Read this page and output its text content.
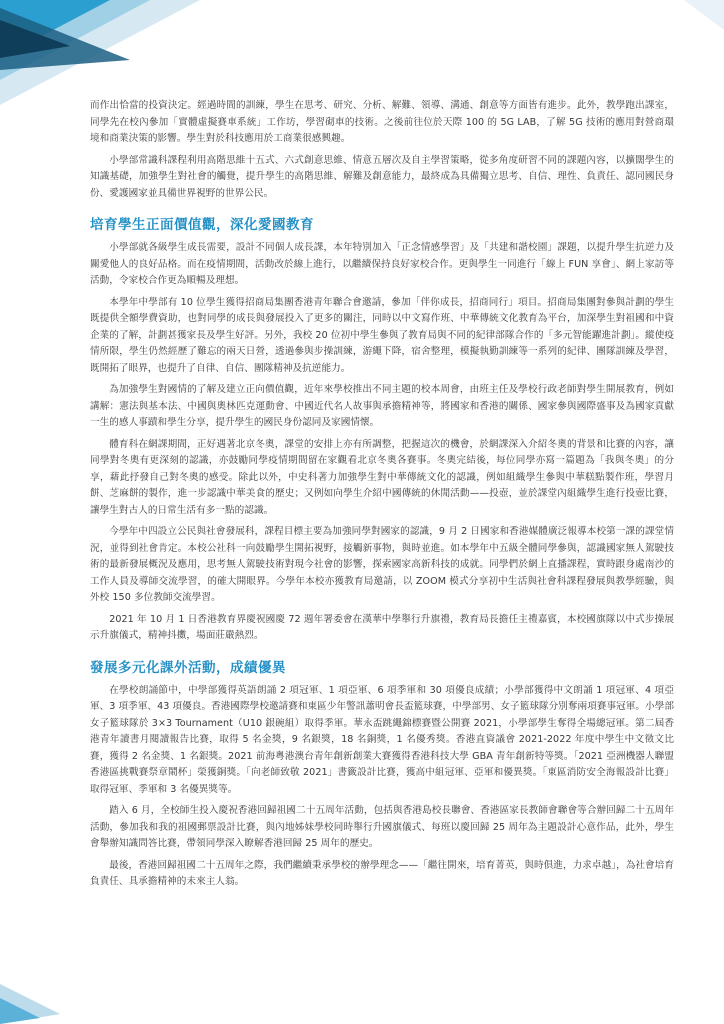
而作出恰當的投資決定。經過時間的訓練，學生在思考、研究、分析、解難、領導、溝通、創意等方面皆有進步。此外，教學跑出課室，同學先在校內參加「實體虛擬賽車系統」工作坊，學習砌車的技術。之後前往位於天際 100 的 5G LAB，了解 5G 技術的應用對營商環境和商業決策的影響。學生對於科技應用於工商業很感興趣。

小學部常識科課程利用高階思維十五式、六式創意思維、情意五層次及自主學習策略，從多角度研習不同的課題內容，以擴闊學生的知識基礎，加強學生對社會的觸覺，提升學生的高階思維、解難及創意能力，最終成為具備獨立思考、自信、理性、負責任、認同國民身份、愛護國家並具備世界視野的世界公民。

培育學生正面價值觀，深化愛國教育

小學部就各級學生成長需要，設計不同個人成長課，本年特別加入「正念情感學習」及「共建和諧校園」課題，以提升學生抗逆力及關愛他人的良好品格。而在疫情期間，活動改於線上進行，以繼續保持良好家校合作。更與學生一同進行「線上 FUN 享會」、網上家訪等活動，令家校合作更為順暢及理想。

本學年中學部有 10 位學生獲得招商局集團香港青年聯合會邀請，參加「伴你成長，招商同行」項目。招商局集團對參與計劃的學生既提供全額學費資助，也對同學的成長與發展投入了更多的關注，同時以中文寫作班、中華傳統文化教育為平台，加深學生對祖國和中資企業的了解，計劃甚獲家長及學生好評。另外，我校 20 位初中學生參與了教育局與不同的紀律部隊合作的「多元智能躍進計劃」。縱使疫情所限，學生仍然經歷了難忘的兩天日營，透過參與步操訓練，游繩下降，宿舍整理，模擬執勤訓練等一系列的紀律、團隊訓練及學習，既開拓了眼界，也提升了自律、自信、團隊精神及抗逆能力。

為加強學生對國情的了解及建立正向價值觀，近年來學校推出不同主題的校本周會，由班主任及學校行政老師對學生開展教育，例如講解：憲法與基本法、中國與奧林匹克運動會、中國近代名人故事與承擔精神等，將國家和香港的關係、國家參與國際盛事及為國家貢獻一生的感人事蹟和學生分享，提升學生的國民身份認同及家國情懷。

體育科在網課期間，正好遇著北京冬奧，課堂的安排上亦有所調整，把握這次的機會，於網課深入介紹冬奧的背景和比賽的內容，讓同學對冬奧有更深刻的認識，亦鼓勵同學疫情期間留在家觀看北京冬奧各賽事。冬奧完結後，每位同學亦寫一篇題為「我與冬奧」的分享，藉此抒發自己對冬奧的感受。除此以外，中史科著力加強學生對中華傳統文化的認識，例如組織學生參與中華糕點製作班，學習月餅、芝麻餅的製作，進一步認識中華美食的歷史；又例如向學生介紹中國傳統的休閒活動——投壺，並於課堂內組織學生進行投壺比賽，讓學生對古人的日常生活有多一點的認識。

今學年中四設立公民與社會發展科，課程目標主要為加強同學對國家的認識，9 月 2 日國家和香港媒體廣泛報導本校第一課的課堂情況，並得到社會肯定。本校公社科一向鼓勵學生開拓視野，接觸新事物，與時並進。如本學年中五級全體同學參與，認識國家無人駕駛技術的最新發展概況及應用，思考無人駕駛技術對現今社會的影響，探索國家高新科技的成就。同學們於網上直播課程，實時跟身處南沙的工作人員及導師交流學習，的確大開眼界。今學年本校亦獲教育局邀請，以 ZOOM 模式分享初中生活與社會科課程發展與教學經驗，與外校 150 多位教師交流學習。

2021 年 10 月 1 日香港教育界慶祝國慶 72 週年署委會在漢華中學舉行升旗禮，教育局長擔任主禮嘉賓，本校國旗隊以中式步操展示升旗儀式，精神抖擻，場面莊嚴熱烈。

發展多元化課外活動，成績優異

在學校朗誦節中，中學部獲得英語朗誦 2 項冠軍、1 項亞軍、6 項季軍和 30 項優良成績；小學部獲得中文朗誦 1 項冠軍、4 項亞軍、3 項季軍、43 項優良。香港國際學校邀請賽和東區少年警訊蕭明會長盃籃球賽，中學部男、女子籃球隊分別奪兩項賽事冠軍。小學部女子籃球隊於 3×3 Tournament（U10 銀碗組）取得季軍。華永盃跳繩錦標賽暨公開賽 2021，小學部學生奪得全場總冠軍。第二屆香港青年讀書月閱讀報告比賽，取得 5 名金獎，9 名銀獎，18 名銅獎，1 名優秀獎。香港直資議會 2021-2022 年度中學生中文徵文比賽，獲得 2 名金獎、1 名銀獎。2021 前海粵港澳台青年創新創業大賽獲得香港科技大學 GBA 青年創新特等獎。「2021 亞洲機器人聯盟香港區挑戰賽祭章鬧杯」榮獲銅獎。「向老師致敬 2021」書籤設計比賽，獲高中組冠軍、亞軍和優異獎。「東區消防安全海報設計比賽」取得冠軍、季軍和 3 名優異獎等。

踏入 6 月，全校師生投入慶祝香港回歸祖國二十五周年活動，包括與香港島校長聯會、香港區家長教師會聯會等合辦回歸二十五周年活動，參加我和我的祖國郵票設計比賽，與內地姊妹學校同時舉行升國旗儀式、每班以慶回歸 25 周年為主題設計心意作品，此外，學生會舉辦知識問答比賽，帶領同學深入瞭解香港回歸 25 周年的歷史。

最後，香港回歸祖國二十五周年之際，我們繼續秉承學校的辦學理念——「繼往開來，培育菁英，與時俱進，力求卓越」，為社會培育負責任、具承擔精神的未來主人翁。
